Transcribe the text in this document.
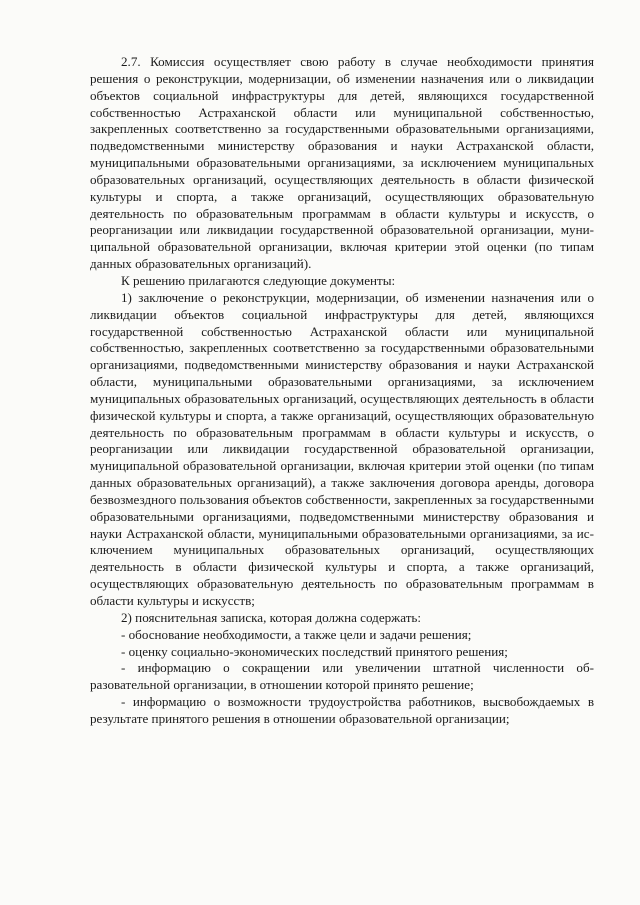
2.7. Комиссия осуществляет свою работу в случае необходимости принятия решения о реконструкции, модернизации, об изменении назначения или о ликвидации объектов социальной инфраструктуры для детей, являющихся государственной собственностью Астраханской области или муниципальной собственностью, закрепленных соответственно за государственными образовательными организациями, подведомственными министерству образования и науки Астраханской области, муниципальными образовательными организациями, за исключением муниципальных образовательных организаций, осуществляющих деятельность в области физической культуры и спорта, а также организаций, осуществляющих образовательную деятельность по образовательным программам в области культуры и искусств, о реорганизации или ликвидации государственной образовательной организации, муниципальной образовательной организации, включая критерии этой оценки (по типам данных образовательных организаций).

К решению прилагаются следующие документы:

1) заключение о реконструкции, модернизации, об изменении назначения или о ликвидации объектов социальной инфраструктуры для детей, являющихся государственной собственностью Астраханской области или муниципальной собственностью, закрепленных соответственно за государственными образовательными организациями, подведомственными министерству образования и науки Астраханской области, муниципальными образовательными организациями, за исключением муниципальных образовательных организаций, осуществляющих деятельность в области физической культуры и спорта, а также организаций, осуществляющих образовательную деятельность по образовательным программам в области культуры и искусств, о реорганизации или ликвидации государственной образовательной организации, муниципальной образовательной организации, включая критерии этой оценки (по типам данных образовательных организаций), а также заключения договора аренды, договора безвозмездного пользования объектов собственности, закрепленных за государственными образовательными организациями, подведомственными министерству образования и науки Астраханской области, муниципальными образовательными организациями, за исключением муниципальных образовательных организаций, осуществляющих деятельность в области физической культуры и спорта, а также организаций, осуществляющих образовательную деятельность по образовательным программам в области культуры и искусств;

2) пояснительная записка, которая должна содержать:

- обоснование необходимости, а также цели и задачи решения;

- оценку социально-экономических последствий принятого решения;

- информацию о сокращении или увеличении штатной численности образовательной организации, в отношении которой принято решение;

- информацию о возможности трудоустройства работников, высвобождаемых в результате принятого решения в отношении образовательной организации;
